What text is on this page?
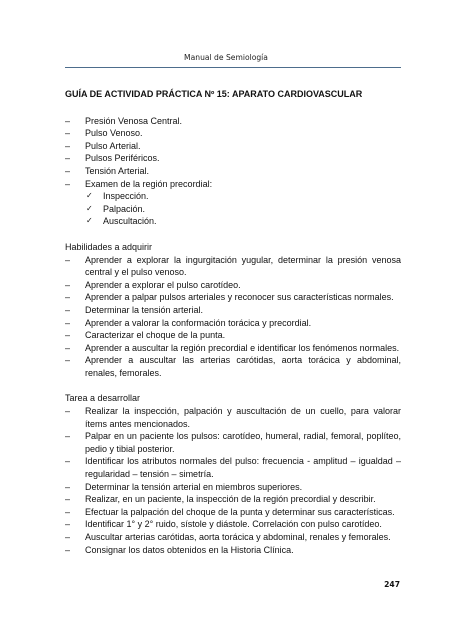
Manual de Semiología
GUÍA DE ACTIVIDAD PRÁCTICA Nº 15: APARATO CARDIOVASCULAR
– Presión Venosa Central.
– Pulso Venoso.
– Pulso Arterial.
– Pulsos Periféricos.
– Tensión Arterial.
– Examen de la región precordial:
✓ Inspección.
✓ Palpación.
✓ Auscultación.
Habilidades a adquirir
– Aprender a explorar la ingurgitación yugular, determinar la presión venosa central y el pulso venoso.
– Aprender a explorar el pulso carotídeo.
– Aprender a palpar pulsos arteriales y reconocer sus características normales.
– Determinar la tensión arterial.
– Aprender a valorar la conformación torácica y precordial.
– Caracterizar el choque de la punta.
– Aprender a auscultar la región precordial e identificar los fenómenos normales.
– Aprender a auscultar las arterias carótidas, aorta torácica y abdominal, renales, femorales.
Tarea a desarrollar
– Realizar la inspección, palpación y auscultación de un cuello, para valorar ítems antes mencionados.
– Palpar en un paciente los pulsos: carotídeo, humeral, radial, femoral, poplíteo, pedio y tibial posterior.
– Identificar los atributos normales del pulso: frecuencia - amplitud – igualdad – regularidad – tensión – simetría.
– Determinar la tensión arterial en miembros superiores.
– Realizar, en un paciente, la inspección de la región precordial y describir.
– Efectuar la palpación del choque de la punta y determinar sus características.
– Identificar 1° y 2° ruido, sístole y diástole. Correlación con pulso carotídeo.
– Auscultar arterias carótidas, aorta torácica y abdominal, renales y femorales.
– Consignar los datos obtenidos en la Historia Clínica.
247
